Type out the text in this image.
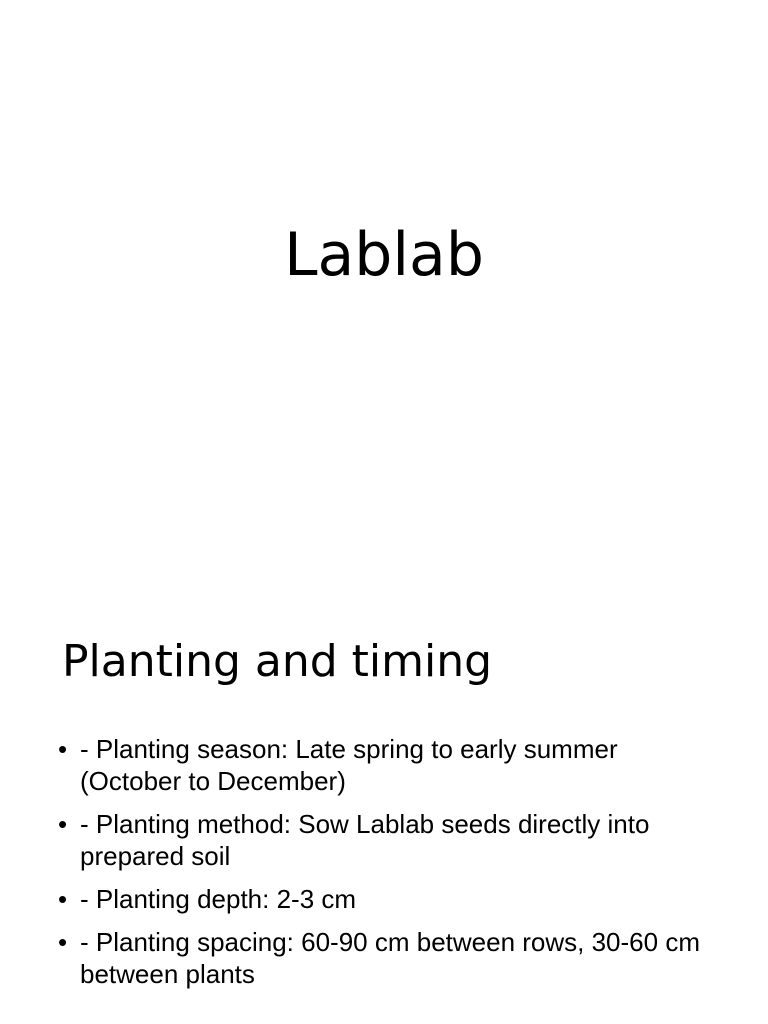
Lablab
Planting and timing
• - Planting season: Late spring to early summer (October to December)
• - Planting method: Sow Lablab seeds directly into prepared soil
• - Planting depth: 2-3 cm
• - Planting spacing: 60-90 cm between rows, 30-60 cm between plants
